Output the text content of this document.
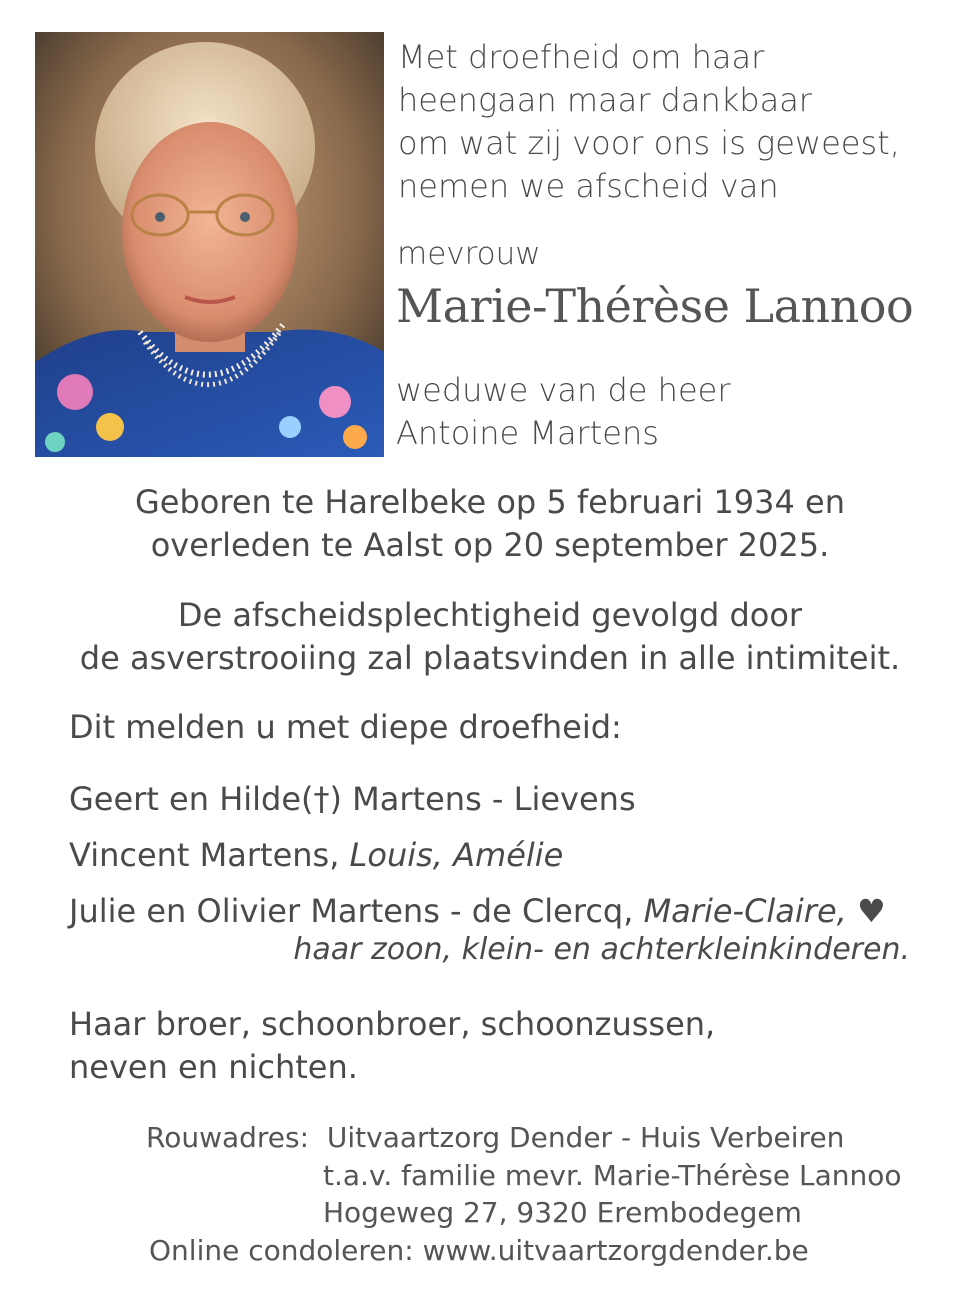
Met droefheid om haar
heengaan maar dankbaar
om wat zij voor ons is geweest,
nemen we afscheid van
mevrouw
Marie-Thérèse Lannoo
weduwe van de heer
Antoine Martens
Geboren te Harelbeke op 5 februari 1934 en
overleden te Aalst op 20 september 2025.
De afscheidsplechtigheid gevolgd door
de asverstrooiing zal plaatsvinden in alle intimiteit.
Dit melden u met diepe droefheid:
Geert en Hilde(†) Martens - Lievens
Vincent Martens, Louis, Amélie
Julie en Olivier Martens - de Clercq, Marie-Claire, ♥
haar zoon, klein- en achterkleinkinderen.
Haar broer, schoonbroer, schoonzussen,
neven en nichten.
Rouwadres: Uitvaartzorg Dender - Huis Verbeiren
t.a.v. familie mevr. Marie-Thérèse Lannoo
Hogeweg 27, 9320 Erembodegem
Online condoleren: www.uitvaartzorgdender.be
